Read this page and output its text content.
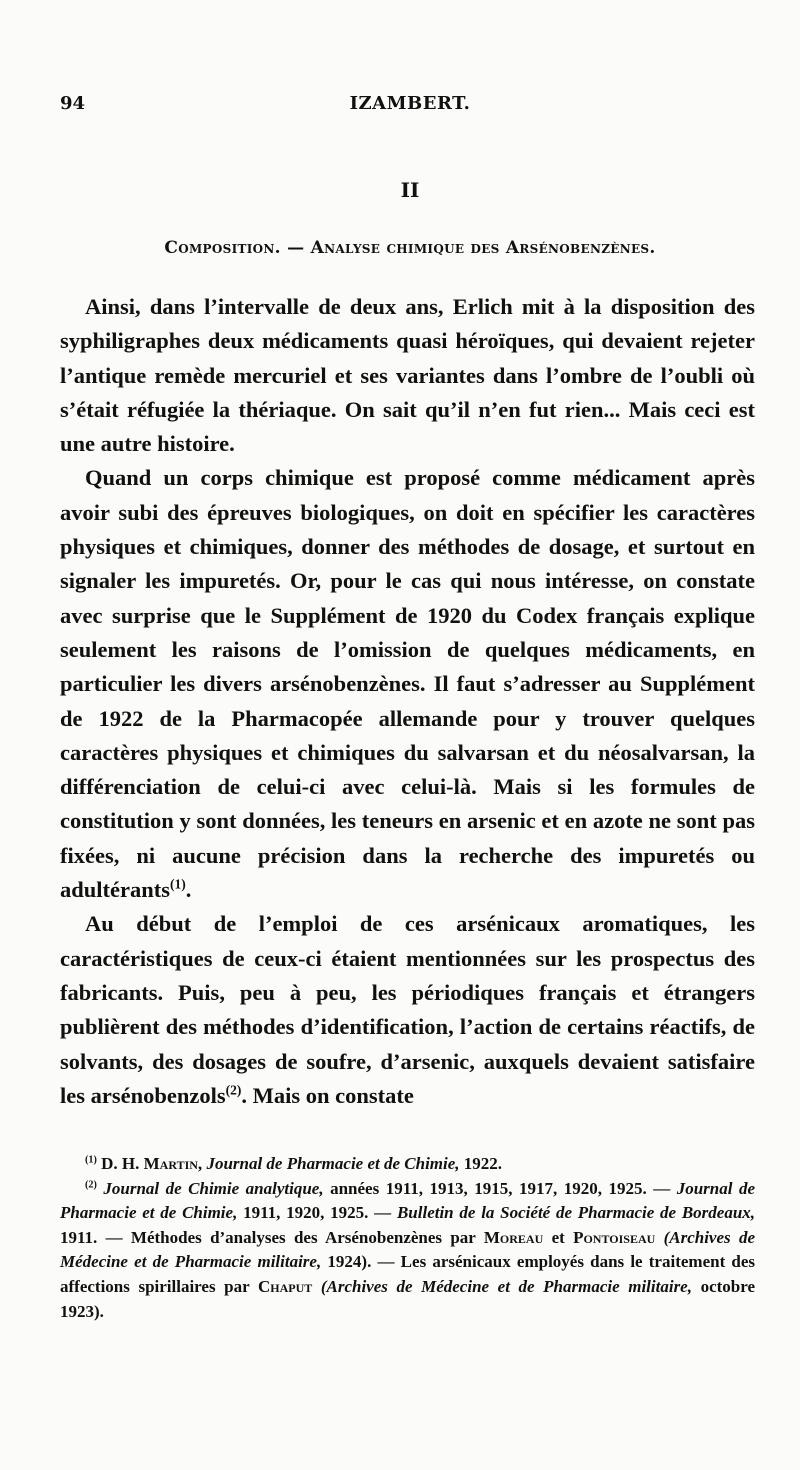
94	IZAMBERT.
II
Composition. — Analyse chimique des Arsénobenzènes.

Ainsi, dans l’intervalle de deux ans, Erlich mit à la disposition des syphiligraphes deux médicaments quasi héroïques, qui devaient rejeter l’antique remède mercuriel et ses variantes dans l’ombre de l’oubli où s’était réfugiée la thériaque. On sait qu’il n’en fut rien... Mais ceci est une autre histoire.

Quand un corps chimique est proposé comme médicament après avoir subi des épreuves biologiques, on doit en spécifier les caractères physiques et chimiques, donner des méthodes de dosage, et surtout en signaler les impuretés. Or, pour le cas qui nous intéresse, on constate avec surprise que le Supplément de 1920 du Codex français explique seulement les raisons de l’omission de quelques médicaments, en particulier les divers arsénobenzènes. Il faut s’adresser au Supplément de 1922 de la Pharmacopée allemande pour y trouver quelques caractères physiques et chimiques du salvarsan et du néosalvarsan, la différenciation de celui-ci avec celui-là. Mais si les formules de constitution y sont données, les teneurs en arsenic et en azote ne sont pas fixées, ni aucune précision dans la recherche des impuretés ou adultérants$^{(1)}$.

Au début de l’emploi de ces arsénicaux aromatiques, les caractéristiques de ceux-ci étaient mentionnées sur les prospectus des fabricants. Puis, peu à peu, les périodiques français et étrangers publièrent des méthodes d’identification, l’action de certains réactifs, de solvants, des dosages de soufre, d’arsenic, auxquels devaient satisfaire les arsénobenzols$^{(2)}$. Mais on constate

$^{(1)}$ D. H. Martin, Journal de Pharmacie et de Chimie, 1922.

$^{(2)}$ Journal de Chimie analytique, années 1911, 1913, 1915, 1917, 1920, 1925. — Journal de Pharmacie et de Chimie, 1911, 1920, 1925. — Bulletin de la Société de Pharmacie de Bordeaux, 1911. — Méthodes d’analyses des Arsénobenzènes par Moreau et Pontoiseau (Archives de Médecine et de Pharmacie militaire, 1924). — Les arsénicaux employés dans le traitement des affections spirillaires par Chaput (Archives de Médecine et de Pharmacie militaire, octobre 1923).
